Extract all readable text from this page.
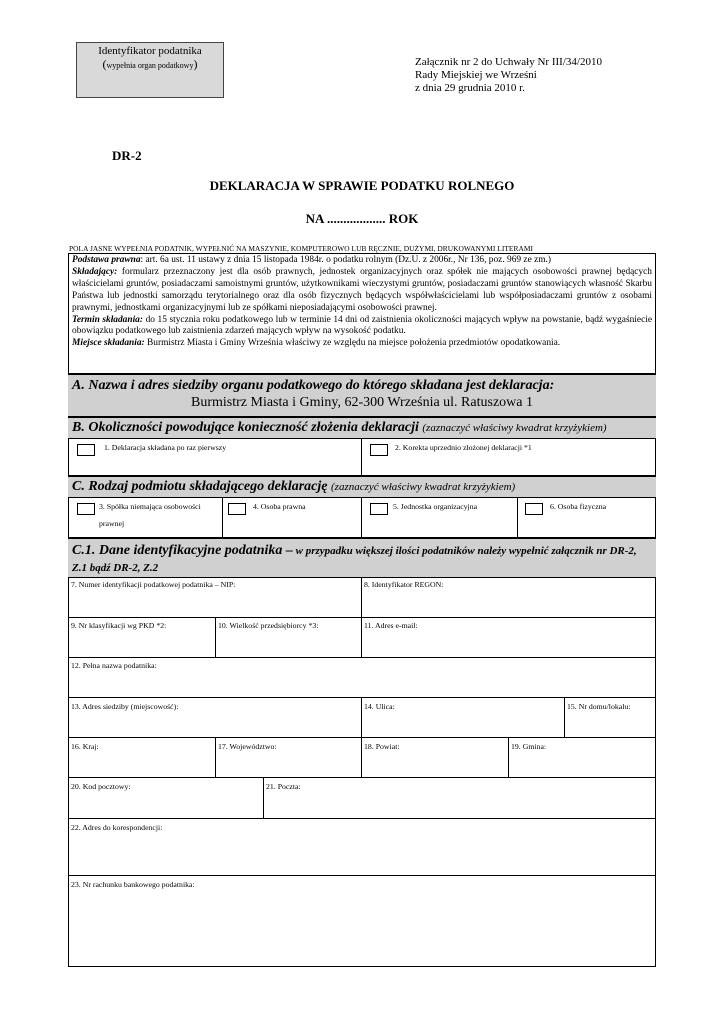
Identyfikator podatnika
(wypełnia organ podatkowy)	Załącznik nr 2 do Uchwały Nr III/34/2010
Rady Miejskiej we Wrześni
z dnia 29 grudnia 2010 r.
DR-2
DEKLARACJA W SPRAWIE PODATKU ROLNEGO
NA .................. ROK
POLA JASNE WYPEŁNIA PODATNIK, WYPEŁNIĆ NA MASZYNIE, KOMPUTEROWO LUB RĘCZNIE, DUŻYMI, DRUKOWANYMI LITERAMI
Podstawa prawna: art. 6a ust. 11 ustawy z dnia 15 listopada 1984r. o podatku rolnym (Dz.U. z 2006r., Nr 136, poz. 969 ze zm.)
Składający: formularz przeznaczony jest dla osób prawnych, jednostek organizacyjnych oraz spółek nie mających osobowości prawnej będących właścicielami gruntów, posiadaczami samoistnymi gruntów, użytkownikami wieczystymi gruntów, posiadaczami gruntów stanowiących własność Skarbu Państwa lub jednostki samorządu terytorialnego oraz dla osób fizycznych będących współwłaścicielami lub współposiadaczami gruntów z osobami prawnymi, jednostkami organizacyjnymi lub ze spółkami nieposiadającymi osobowości prawnej.
Termin składania: do 15 stycznia roku podatkowego lub w terminie 14 dni od zaistnienia okoliczności mających wpływ na powstanie, bądź wygaśniecie obowiązku podatkowego lub zaistnienia zdarzeń mających wpływ na wysokość podatku.
Miejsce składania: Burmistrz Miasta i Gminy Września właściwy ze względu na miejsce położenia przedmiotów opodatkowania.
A. Nazwa i adres siedziby organu podatkowego do którego składana jest deklaracja:
Burmistrz Miasta i Gminy, 62-300 Września ul. Ratuszowa 1
B. Okoliczności powodujące konieczność złożenia deklaracji (zaznaczyć właściwy kwadrat krzyżykiem)
1. Deklaracja składana po raz pierwszy	2. Korekta uprzednio złożonej deklaracji *1
C. Rodzaj podmiotu składającego deklarację (zaznaczyć właściwy kwadrat krzyżykiem)
3. Spółka niemająca osobowości
prawnej
4. Osoba prawna	5. Jednostka organizacyjna	6. Osoba fizyczna
C.1. Dane identyfikacyjne podatnika – w przypadku większej ilości podatników należy wypełnić załącznik nr DR-2, Z.1 bądź DR-2, Z.2
7. Numer identyfikacji podatkowej podatnika – NIP:	8. Identyfikator REGON:
9. Nr klasyfikacji wg PKD *2:	10. Wielkość przedsiębiorcy *3:	11. Adres e-mail:
12. Pełna nazwa podatnika:
13. Adres siedziby (miejscowość):	14. Ulica:	15. Nr domu/lokalu:
16. Kraj:	17. Województwo:	18. Powiat:	19. Gmina:
20. Kod pocztowy:	21. Poczta:
22. Adres do korespondencji:
23. Nr rachunku bankowego podatnika:
